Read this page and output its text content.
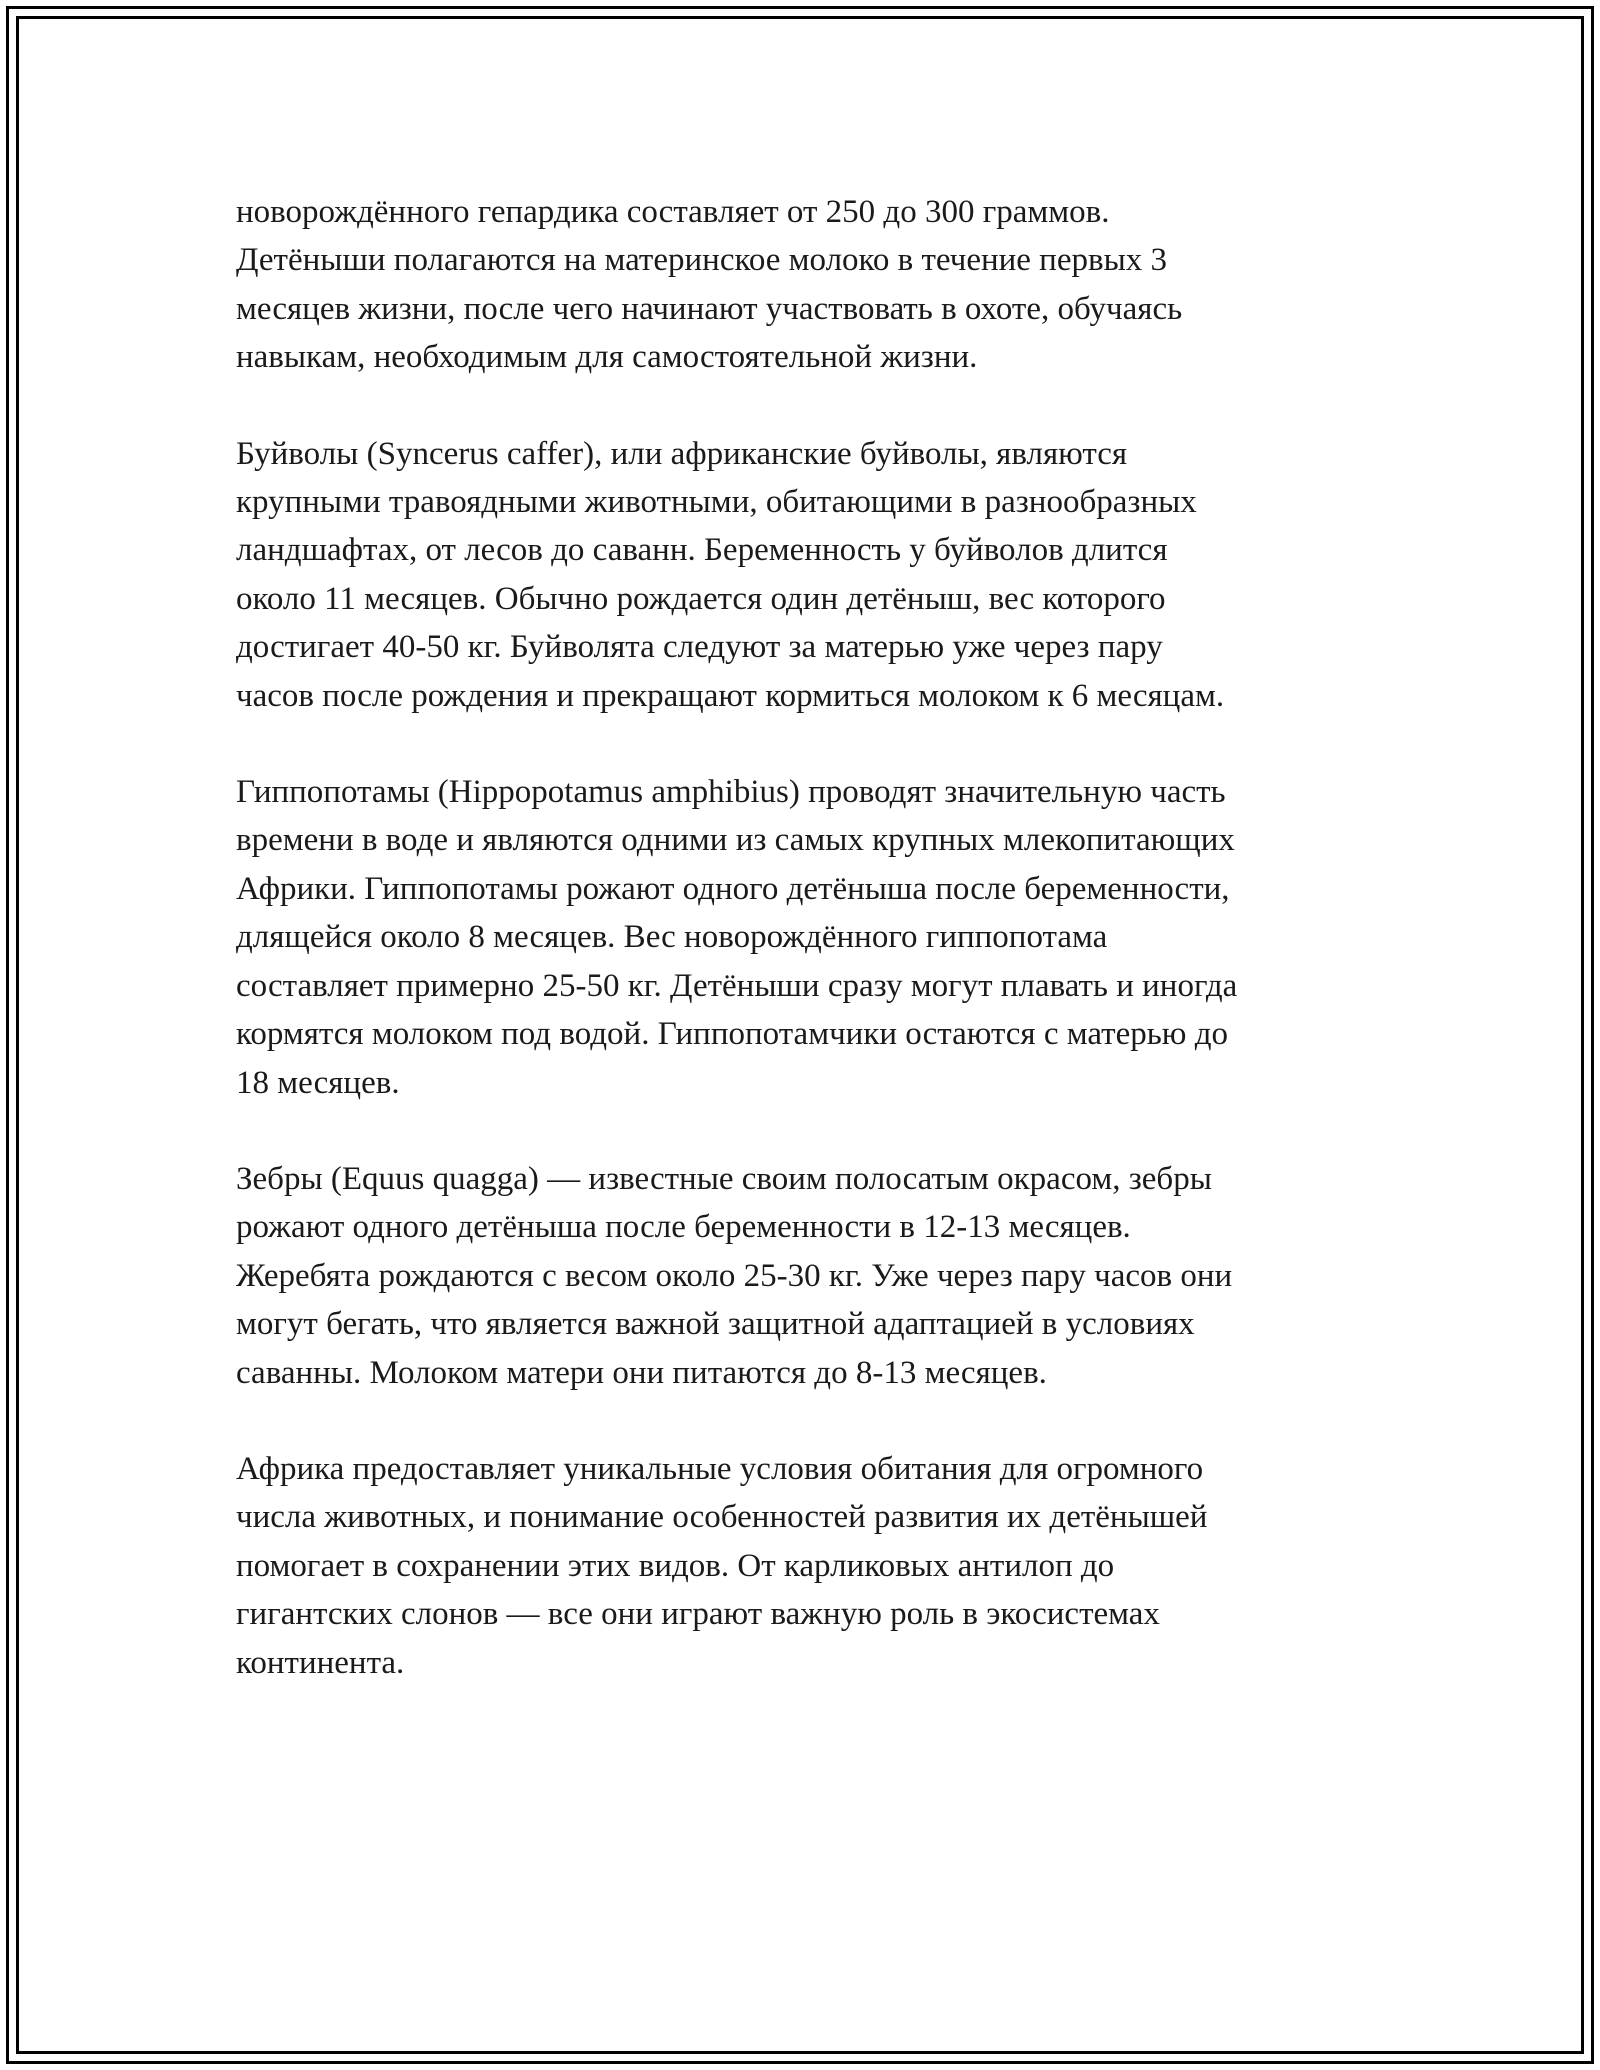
новорождённого гепардика составляет от 250 до 300 граммов.
Детёныши полагаются на материнское молоко в течение первых 3
месяцев жизни, после чего начинают участвовать в охоте, обучаясь
навыкам, необходимым для самостоятельной жизни.

Буйволы (Syncerus caffer), или африканские буйволы, являются
крупными травоядными животными, обитающими в разнообразных
ландшафтах, от лесов до саванн. Беременность у буйволов длится
около 11 месяцев. Обычно рождается один детёныш, вес которого
достигает 40-50 кг. Буйволята следуют за матерью уже через пару
часов после рождения и прекращают кормиться молоком к 6 месяцам.

Гиппопотамы (Hippopotamus amphibius) проводят значительную часть
времени в воде и являются одними из самых крупных млекопитающих
Африки. Гиппопотамы рожают одного детёныша после беременности,
длящейся около 8 месяцев. Вес новорождённого гиппопотама
составляет примерно 25-50 кг. Детёныши сразу могут плавать и иногда
кормятся молоком под водой. Гиппопотамчики остаются с матерью до
18 месяцев.

Зебры (Equus quagga) — известные своим полосатым окрасом, зебры
рожают одного детёныша после беременности в 12-13 месяцев.
Жеребята рождаются с весом около 25-30 кг. Уже через пару часов они
могут бегать, что является важной защитной адаптацией в условиях
саванны. Молоком матери они питаются до 8-13 месяцев.

Африка предоставляет уникальные условия обитания для огромного
числа животных, и понимание особенностей развития их детёнышей
помогает в сохранении этих видов. От карликовых антилоп до
гигантских слонов — все они играют важную роль в экосистемах
континента.
